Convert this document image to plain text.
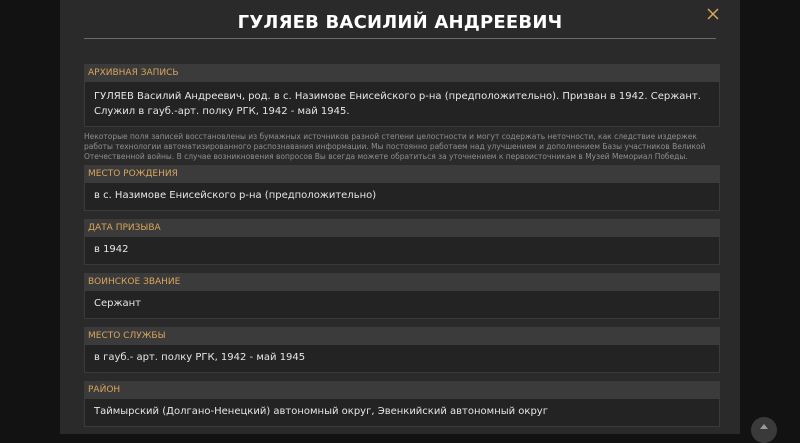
ГУЛЯЕВ ВАСИЛИЙ АНДРЕЕВИЧ
АРХИВНАЯ ЗАПИСЬ
ГУЛЯЕВ Василий Андреевич, род. в с. Назимове Енисейского р-на (предположительно). Призван в 1942. Сержант. Служил в гауб.-арт. полку РГК, 1942 - май 1945.
Некоторые поля записей восстановлены из бумажных источников разной степени целостности и могут содержать неточности, как следствие издержек работы технологии автоматизированного распознавания информации. Мы постоянно работаем над улучшением и дополнением Базы участников Великой Отечественной войны. В случае возникновения вопросов Вы всегда можете обратиться за уточнением к первоисточникам в Музей Мемориал Победы.
МЕСТО РОЖДЕНИЯ
в с. Назимове Енисейского р-на (предположительно)
ДАТА ПРИЗЫВА
в 1942
ВОИНСКОЕ ЗВАНИЕ
Сержант
МЕСТО СЛУЖБЫ
в гауб.- арт. полку РГК, 1942 - май 1945
РАЙОН
Таймырский (Долгано-Ненецкий) автономный округ, Эвенкийский автономный округ
